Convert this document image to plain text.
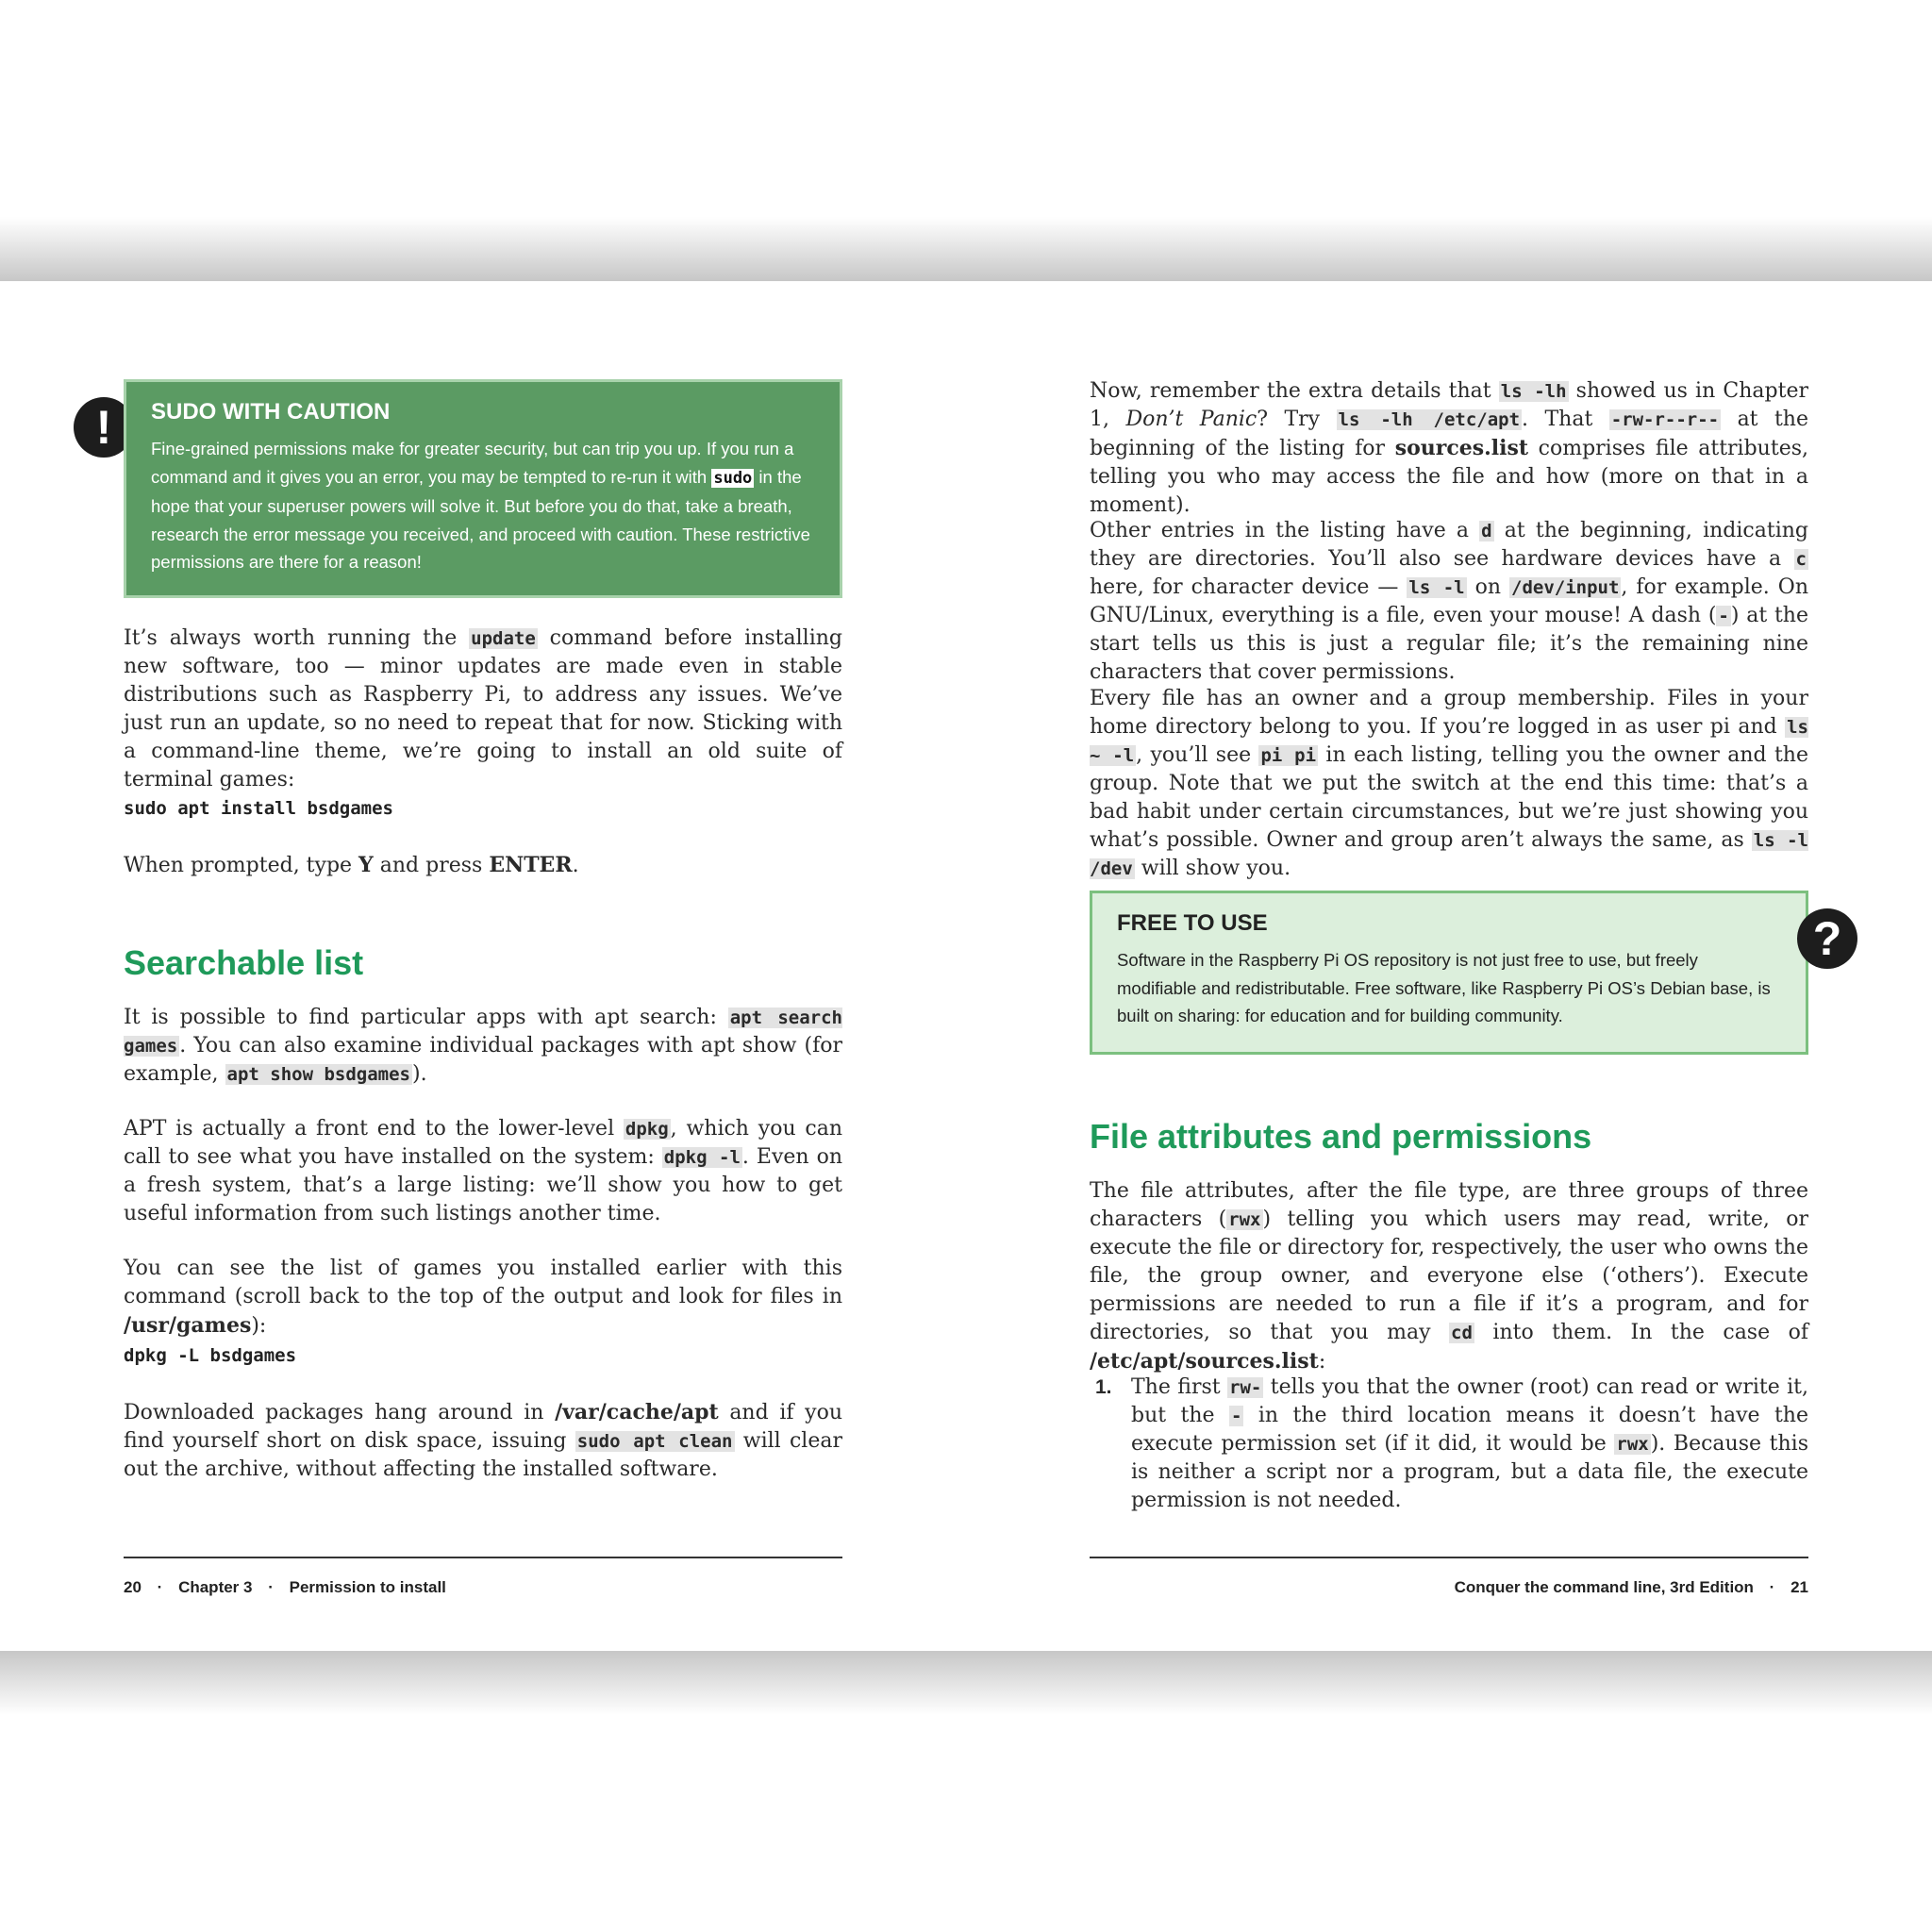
!	SUDO WITH CAUTION
Fine-grained permissions make for greater security, but can trip you up. If you run a command and it gives you an error, you may be tempted to re-run it with sudo in the hope that your superuser powers will solve it. But before you do that, take a breath, research the error message you received, and proceed with caution. These restrictive permissions are there for a reason!

It’s always worth running the update command before installing new software, too — minor updates are made even in stable distributions such as Raspberry Pi, to address any issues. We’ve just run an update, so no need to repeat that for now. Sticking with a command-line theme, we’re going to install an old suite of terminal games:

sudo apt install bsdgames

When prompted, type Y and press ENTER.

Searchable list

It is possible to find particular apps with apt search: apt search games. You can also examine individual packages with apt show (for example, apt show bsdgames).

APT is actually a front end to the lower-level dpkg, which you can call to see what you have installed on the system: dpkg -l. Even on a fresh system, that’s a large listing: we’ll show you how to get useful information from such listings another time.

You can see the list of games you installed earlier with this command (scroll back to the top of the output and look for files in /usr/games):

dpkg -L bsdgames

Downloaded packages hang around in /var/cache/apt and if you find yourself short on disk space, issuing sudo apt clean will clear out the archive, without affecting the installed software.

20 · Chapter 3 · Permission to install

Now, remember the extra details that ls -lh showed us in Chapter 1, Don’t Panic? Try ls -lh /etc/apt. That -rw-r--r-- at the beginning of the listing for sources.list comprises file attributes, telling you who may access the file and how (more on that in a moment).

Other entries in the listing have a d at the beginning, indicating they are directories. You’ll also see hardware devices have a c here, for character device — ls -l on /dev/input, for example. On GNU/Linux, everything is a file, even your mouse! A dash ( -) at the start tells us this is just a regular file; it’s the remaining nine characters that cover permissions.

Every file has an owner and a group membership. Files in your home directory belong to you. If you’re logged in as user pi and ls ~ -l, you’ll see pi pi in each listing, telling you the owner and the group. Note that we put the switch at the end this time: that’s a bad habit under certain circumstances, but we’re just showing you what’s possible. Owner and group aren’t always the same, as ls -l /dev will show you.

FREE TO USE
Software in the Raspberry Pi OS repository is not just free to use, but freely modifiable and redistributable. Free software, like Raspberry Pi OS’s Debian base, is built on sharing: for education and for building community.
?
File attributes and permissions

The file attributes, after the file type, are three groups of three characters ( rwx) telling you which users may read, write, or execute the file or directory for, respectively, the user who owns the file, the group owner, and everyone else (‘others’). Execute permissions are needed to run a file if it’s a program, and for directories, so that you may cd into them. In the case of /etc/apt/sources.list:

1. The first rw- tells you that the owner (root) can read or write it, but the - in the third location means it doesn’t have the execute permission set (if it did, it would be rwx). Because this is neither a script nor a program, but a data file, the execute permission is not needed.

Conquer the command line, 3rd Edition · 21
